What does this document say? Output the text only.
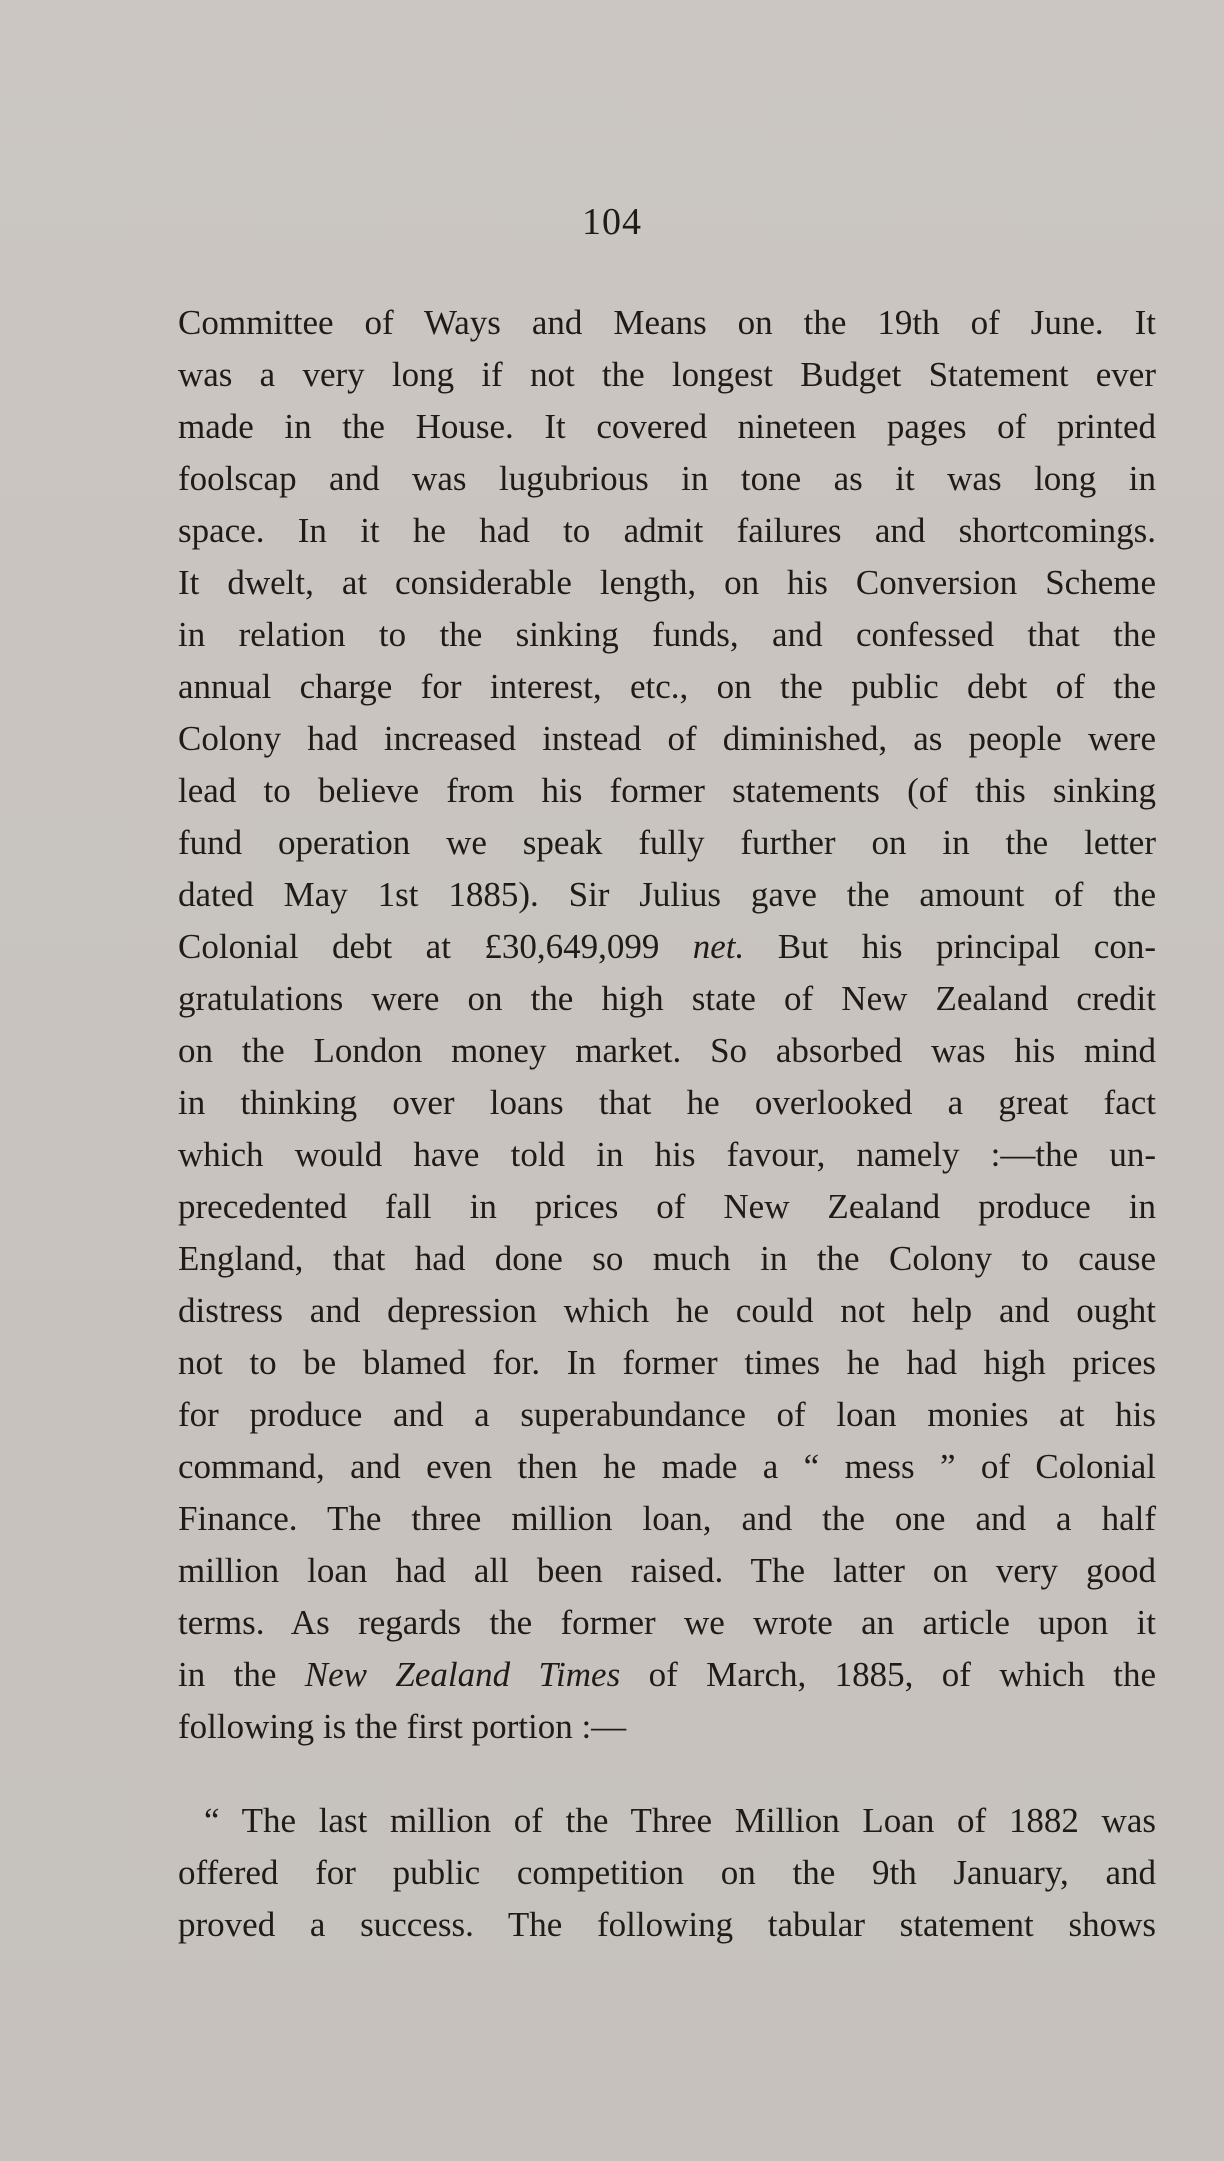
104
Committee of Ways and Means on the 19th of June. It
was a very long if not the longest Budget Statement ever
made in the House. It covered nineteen pages of printed
foolscap and was lugubrious in tone as it was long in
space. In it he had to admit failures and shortcomings.
It dwelt, at considerable length, on his Conversion Scheme
in relation to the sinking funds, and confessed that the
annual charge for interest, etc., on the public debt of the
Colony had increased instead of diminished, as people were
lead to believe from his former statements (of this sinking
fund operation we speak fully further on in the letter
dated May 1st 1885). Sir Julius gave the amount of the
Colonial debt at £30,649,099 net. But his principal con-
gratulations were on the high state of New Zealand credit
on the London money market. So absorbed was his mind
in thinking over loans that he overlooked a great fact
which would have told in his favour, namely :—the un-
precedented fall in prices of New Zealand produce in
England, that had done so much in the Colony to cause
distress and depression which he could not help and ought
not to be blamed for. In former times he had high prices
for produce and a superabundance of loan monies at his
command, and even then he made a “ mess ” of Colonial
Finance. The three million loan, and the one and a half
million loan had all been raised. The latter on very good
terms. As regards the former we wrote an article upon it
in the New Zealand Times of March, 1885, of which the
following is the first portion :—
“ The last million of the Three Million Loan of 1882 was
offered for public competition on the 9th January, and
proved a success. The following tabular statement shows
